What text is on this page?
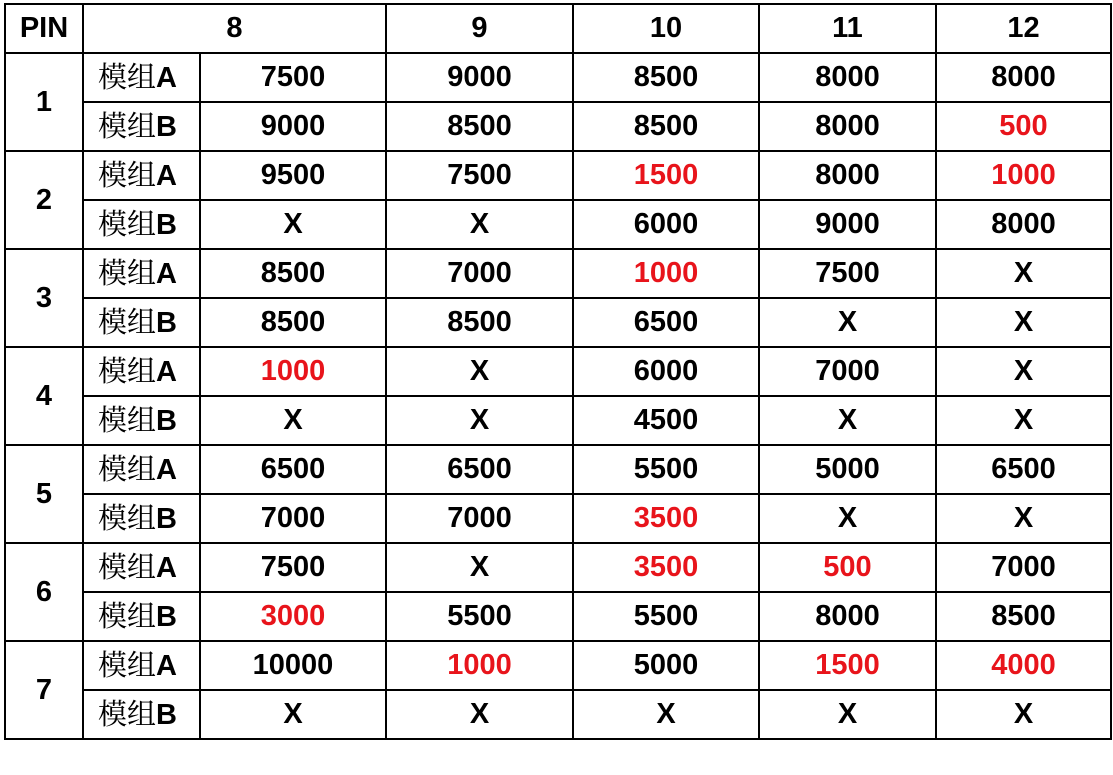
PIN	8		9	10	11	12
1	模组A	7500	9000	8500	8000	8000
	模组B	9000	8500	8500	8000	500
2	模组A	9500	7500	1500	8000	1000
	模组B	X	X	6000	9000	8000
3	模组A	8500	7000	1000	7500	X
	模组B	8500	8500	6500	X	X
4	模组A	1000	X	6000	7000	X
	模组B	X	X	4500	X	X
5	模组A	6500	6500	5500	5000	6500
	模组B	7000	7000	3500	X	X
6	模组A	7500	X	3500	500	7000
	模组B	3000	5500	5500	8000	8500
7	模组A	10000	1000	5000	1500	4000
	模组B	X	X	X	X	X
